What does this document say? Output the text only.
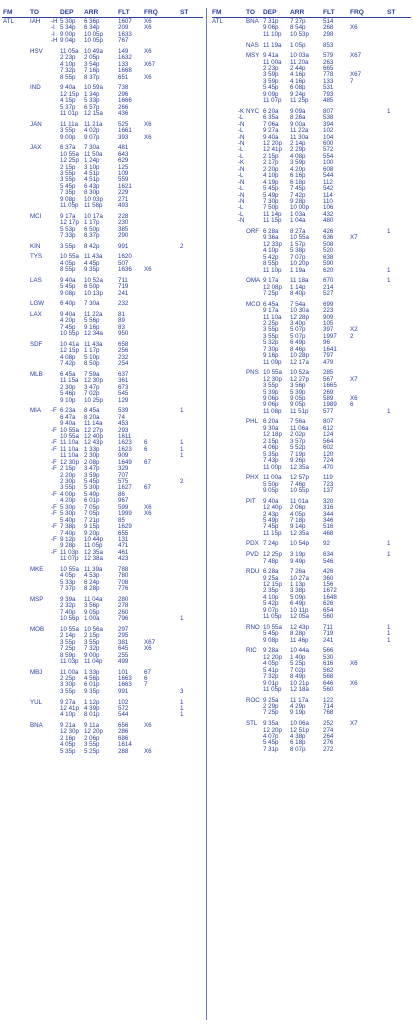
FM	TO	DEP ARR	FLT FRQ	ST
ATL	IAH -H 5 30p 6 36p	1607 X6
-I 5 34p 6 34p	209	X6
-I 9 00p 10 05p 1633
-H 9 04p 10 05p 767
HSV	11 05a 10 49a 149	X6
2 23p 2 05p	1632
4 10p 3 54p	133	X67
7 32p 7 16p	1668
8 55p 8 37p	651	X6
IND	9 40a 10 59a 738
12 15p 1 34p	296
4 15p 5 33p	1666
5 37p 6 57p	266
11 01p 12 15a 436
JAN	11 11a 11 21a	525	X6
3 55p 4 02p	1661
9 00p 9 07p	393	X6
JAX	6 37a 7 30a	481
10 55a 11 50a	643
12 25p 1 24p	629
2 15p 3 10p	125
3 55p 4 51p	109
3 55p 4 51p	559
5 45p 6 43p	1621
7 35p 8 30p	229
9 08p 10 03p 271
11 05p 11 58p	493
MCI	9 17a 10 17a 228
12 17p 1 17p	230
5 53p 6 50p	385
7 33p 8 37p	290
KIN	3 55p 8 42p	991	2
TYS	10 55a 11 43a	1620
4 05p 4 45p	507
8 55p 9 35p	1636 X6
LAS	9 40a 10 52a 711
5 45p 6 50p	719
9 08p 10 13p 241
LGW	6 40p 7 30a	232
LAX	9 40a 11 22a	81
4 20p 5 56p	89
7 45p 9 16p	83
10 55p 12 34a 950
SDF	10 41a 11 43a	658
12 15p 1 17p	256
4 08p 5 10p	232
7 42p 8 50p	254
MLB	6 45a 7 59a	637
11 15a 12 30p 361
2 30p 3 47p	673
5 46p 7 02p	545
9 10p 10 25p 129
MIA -F 6 23a 8 45a	539	1
6 47a 8 20a	74
9 40a 11 14a	453
-F 10 55a 12 27p 293
10 55a 12 40p 1611
-F 11 10a 12 43p 1623 6	1
-F 11 10a 1 33p	1623 6	1
11 10a 2 30p	909	1
-F 12 30p 2 08p	1649 67
-F 2 15p 3 47p	329
2 20p 3 59p	707
2 30p 5 45p	575	2
3 55p 5 30p	1627 67
-F 4 00p 5 40p	86
4 20p 6 01p	967
-F 5 30p 7 05p	599	X6
-F 5 30p 7 05p	1999 X6
5 40p 7 21p	85
-F 7 38p 9 15p	1629
7 40p 9 20p	655
-F 9 12p 10 44p 131
9 28p 11 05p	471
-F 11 03p 12 35a 461
11 07p 12 38a 423
MKE	10 55a 11 39a	788
4 05p 4 53p	780
5 33p 6 24p	708
7 37p 8 28p	776
MSP	9 39a 11 04a	280
2 32p 3 56p	278
7 40p 9 05p	260
10 56p 1 00a	796	1
MOB	10 55a 10 56a 297
2 14p 2 15p	295
3 55p 3 55p	381	X67
7 25p 7 32p	645	X6
8 59p 9 00p	255
11 03p 11 04p	499
MBJ	11 00a 1 33p	101	67
2 25p 4 56p	1663 6
3 30p 6 01p	1663 7
3 55p 9 35p	991	3
YUL	9 27a 1 12p	102	1
12 41p 4 39p	572	1
4 10p 8 01p	544	1
BNA	9 21a 9 11a	656	X6
12 30p 12 20p 286
2 16p 2 06p	686
4 05p 3 55p	1614
5 35p 5 25p	288	X6
FM	TO DEP ARR	FLT FRQ	ST
ATL	BNA 7 31p 7 27p	514
9 06p 8 54p	268	X6
11 10p 10 53p 298
NAS 11 19a 1 05p	853
MSY 9 41a 10 03a 579	X67
11 00a 11 20a 263
2 23p 2 44p	665
3 59p 4 16p	778	X67
3 59p 4 16p	133	7
5 45p 6 08p	531
9 09p 9 24p	793
11 07p 11 25p 485
NYC
-K	6 20a 9 09a	807	1
-L	6 35a 8 26a	538
-N	7 06a 9 00a	394
-L	9 27a 11 22a 102
-N	9 40a 11 30a 104
-N	12 20p 2 14p	600
-L	12 41p 2 29p	572
-L	2 15p 4 08p	554
-K	2 17p 3 59p	100
-N	2 20p 4 20p	608
-L	4 10p 6 16p	544
-N	4 19p 6 18p	112
-L	5 45p 7 45p	542
-N	5 49p 7 42p	114
-N	7 30p 9 28p	110
-L	7 50p 10 00p 106
-L	11 14p 1 03a	432
-N	11 15p 1 04a	480
ORF 6 28a 8 27a	426	1
9 36a 10 55a 636	X7
12 33p 1 57p	508
4 10p 5 38p	520
5 42p 7 07p	638
8 55p 10 20p 590
11 10p 1 19a	620	1
OMA 9 17a 11 18a 670	1
12 08p 1 14p	214
7 25p 8 40p	527
MCO 6 45a 7 54a	699
9 17a 10 30a 223
11 10a 12 28p 909
2 25p 3 40p	105
3 55p 5 07p	397	X2
3 55p 5 07p	1997 2
5 32p 6 49p	96
7 30p 8 46p	1641
9 16p 10 28p 797
11 09p 12 17a 479
PNS 10 55a 10 52a 285
12 30p 12 27p 567	X7
3 55p 3 56p	1665
5 39p 5 39p	269
9 06p 9 05p	589	X6
9 06p 9 05p	1989 6
11 08p 11 51p 577	1
PHL 6 20a 7 56a	807
9 30a 11 06a 612
12 18p 2 02p	124
2 15p 3 57p	564
4 06p 5 52p	602
5 35p 7 19p	120
7 43p 9 26p	724
11 00p 12 35a 470
PHX 11 00a 12 57p 119
5 50p 7 46p	723
9 05p 10 55p 137
PIT 9 40a 11 01a 320
12 40p 2 06p	316
2 43p 4 05p	344
5 49p 7 18p	346
7 45p 9 14p	516
11 15p 12 35a 468
PDX 7 24p 10 54p 92	1
PVD 12 25p 3 19p	634	1
7 48p 9 49p	546
RDU 6 28a 7 26a	426
9 25a 10 27a 360
12 15p 1 13p	156
2 35p 3 38p	1672
4 10p 5 09p	1648
5 42p 6 49p	626
9 07p 10 11p 654
11 05p 12 05a 560
RNO 10 55a 12 43p 711	1
5 45p 8 28p	719	1
9 08p 11 46p 241	1
RIC 9 28a 10 44a 566
12 20p 1 40p	530
4 05p 5 25p	616	X6
5 41p 7 02p	562
7 32p 8 49p	568
9 01p 10 21p 646	X6
11 05p 12 18a 560
ROC 9 25a 11 17a 122
2 29p 4 29p	714
7 25p 9 19p	768
STL 9 35a 10 06a 252	X7
12 20p 12 51p 274
4 07p 4 38p	264
5 45p 6 18p	276
7 31p 8 07p	272
